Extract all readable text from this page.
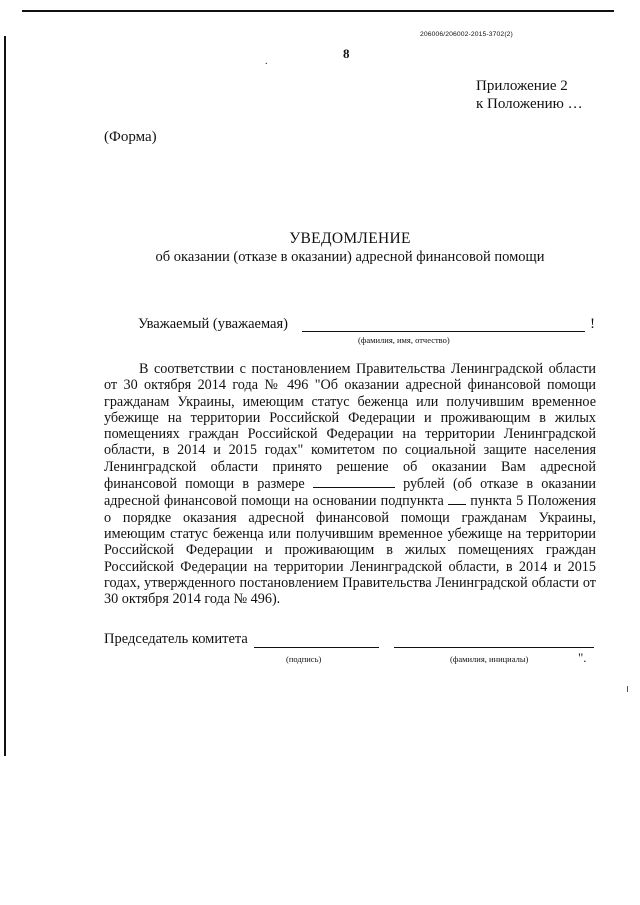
206006/206002-2015-3702(2)
8
.
Приложение 2
к Положению …
(Форма)
УВЕДОМЛЕНИЕ
об оказании (отказе в оказании) адресной финансовой помощи
Уважаемый (уважаемая)	!
(фамилия, имя, отчество)
В соответствии с постановлением Правительства Ленинградской области от 30 октября 2014 года № 496 "Об оказании адресной финансовой помощи гражданам Украины, имеющим статус беженца или получившим временное убежище на территории Российской Федерации и проживающим в жилых помещениях граждан Российской Федерации на территории Ленинградской области, в 2014 и 2015 годах" комитетом по социальной защите населения Ленинградской области принято решение об оказании Вам адресной финансовой помощи в размере	рублей (об отказе в оказании адресной финансовой помощи на основании подпункта пункта 5 Положения о порядке оказания адресной финансовой помощи гражданам Украины, имеющим статус беженца или получившим временное убежище на территории Российской Федерации и проживающим в жилых помещениях граждан Российской Федерации на территории Ленинградской области, в 2014 и 2015 годах, утвержденного постановлением Правительства Ленинградской области от 30 октября 2014 года № 496).
Председатель комитета
(подпись)	(фамилия, инициалы)	".
